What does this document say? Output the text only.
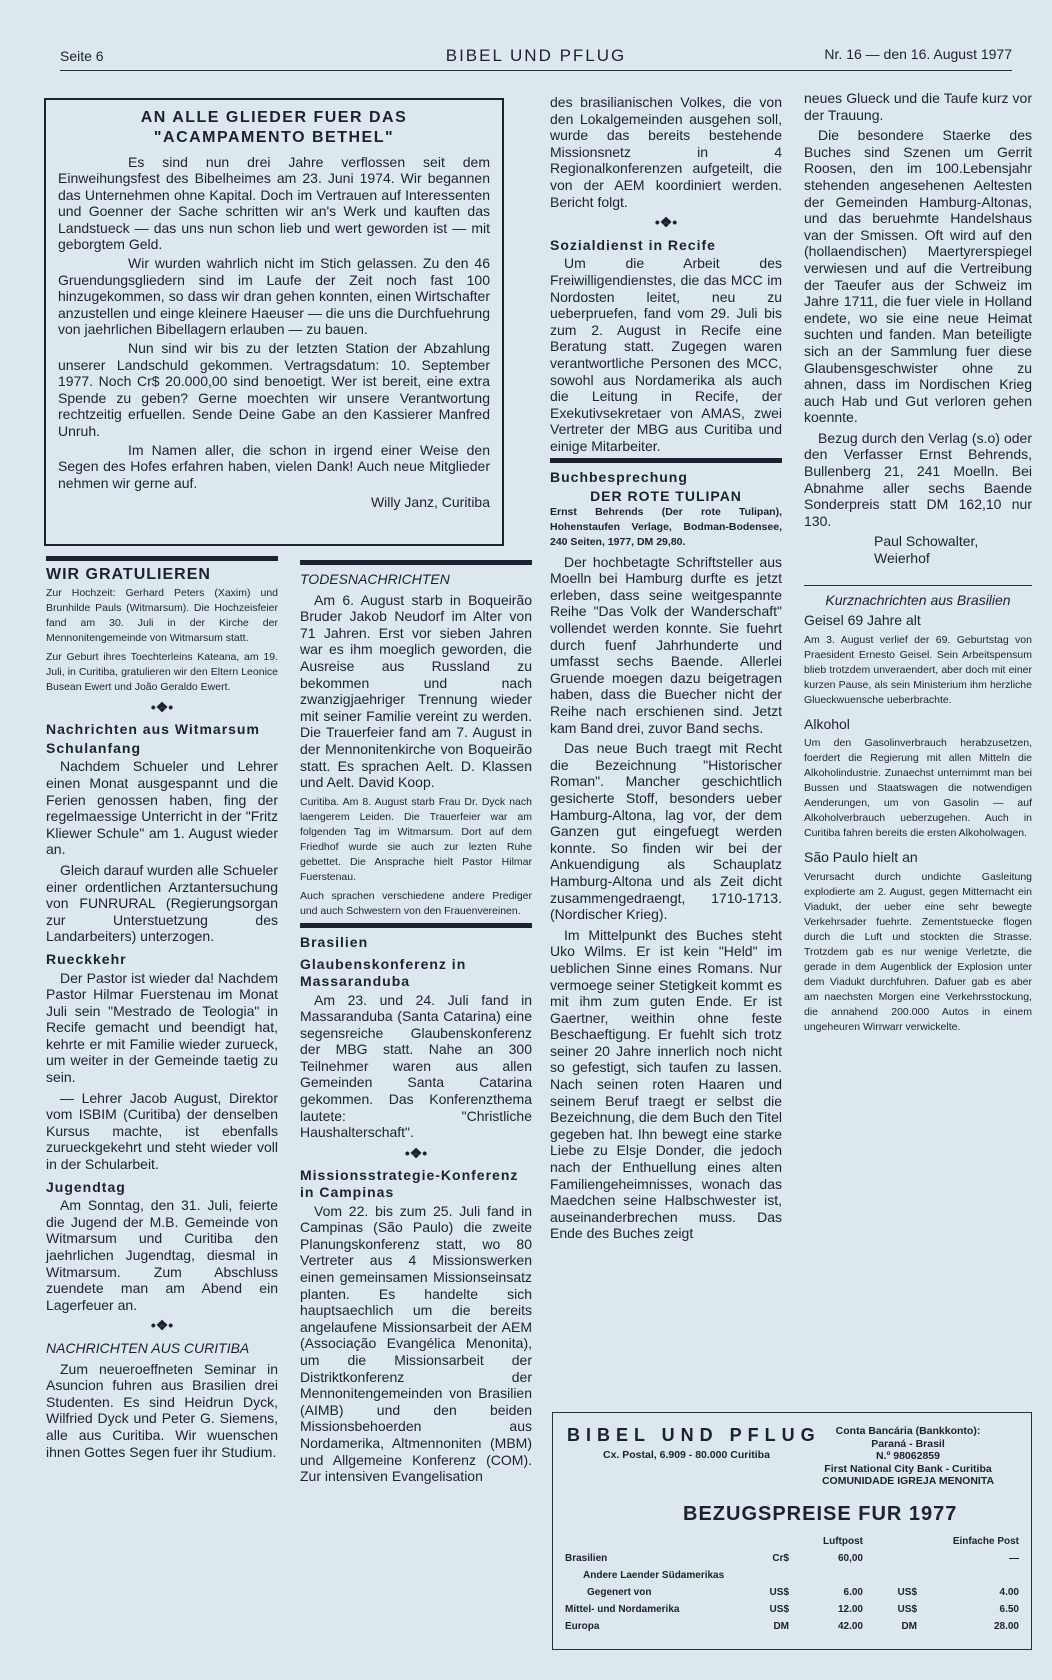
Seite 6	BIBEL UND PFLUG	Nr. 16 — den 16. August 1977
AN ALLE GLIEDER FUER DAS
"ACAMPAMENTO BETHEL"

Es sind nun drei Jahre verflossen seit dem Einweihungsfest des Bibelheimes am 23. Juni 1974. Wir begannen das Unternehmen ohne Kapital. Doch im Vertrauen auf Interessenten und Goenner der Sache schritten wir an's Werk und kauften das Landstueck — das uns nun schon lieb und wert geworden ist — mit geborgtem Geld.

Wir wurden wahrlich nicht im Stich gelassen. Zu den 46 Gruendungsgliedern sind im Laufe der Zeit noch fast 100 hinzugekommen, so dass wir dran gehen konnten, einen Wirtschafter anzustellen und einge kleinere Haeuser — die uns die Durchfuehrung von jaehrlichen Bibellagern erlauben — zu bauen.

Nun sind wir bis zu der letzten Station der Abzahlung unserer Landschuld gekommen. Vertragsdatum: 10. September 1977. Noch Cr$ 20.000,00 sind benoetigt. Wer ist bereit, eine extra Spende zu geben? Gerne moechten wir unsere Verantwortung rechtzeitig erfuellen. Sende Deine Gabe an den Kassierer Manfred Unruh.

Im Namen aller, die schon in irgend einer Weise den Segen des Hofes erfahren haben, vielen Dank! Auch neue Mitglieder nehmen wir gerne auf.

Willy Janz, Curitiba
WIR GRATULIEREN

Zur Hochzeit: Gerhard Peters (Xaxim) und Brunhilde Pauls (Witmarsum). Die Hochzeisfeier fand am 30. Juli in der Kirche der Mennonitengemeinde von Witmarsum statt.

Zur Geburt ihres Toechterleins Kateana, am 19. Juli, in Curitiba, gratulieren wir den Eltern Leonice Busean Ewert und João Geraldo Ewert.

•❖•
Nachrichten aus Witmarsum
Schulanfang

Nachdem Schueler und Lehrer einen Monat ausgespannt und die Ferien genossen haben, fing der regelmaessige Unterricht in der "Fritz Kliewer Schule" am 1. August wieder an.

Gleich darauf wurden alle Schueler einer ordentlichen Arztantersuchung von FUNRURAL (Regierungsorgan zur Unterstuetzung des Landarbeiters) unterzogen.

Rueckkehr

Der Pastor ist wieder da! Nachdem Pastor Hilmar Fuerstenau im Monat Juli sein "Mestrado de Teologia" in Recife gemacht und beendigt hat, kehrte er mit Familie wieder zurueck, um weiter in der Gemeinde taetig zu sein.

— Lehrer Jacob August, Direktor vom ISBIM (Curitiba) der denselben Kursus machte, ist ebenfalls zurueckgekehrt und steht wieder voll in der Schularbeit.

Jugendtag

Am Sonntag, den 31. Juli, feierte die Jugend der M.B. Gemeinde von Witmarsum und Curitiba den jaehrlichen Jugendtag, diesmal in Witmarsum. Zum Abschluss zuendete man am Abend ein Lagerfeuer an.

•❖•
NACHRICHTEN AUS CURITIBA

Zum neueroeffneten Seminar in Asuncion fuhren aus Brasilien drei Studenten. Es sind Heidrun Dyck, Wilfried Dyck und Peter G. Siemens, alle aus Curitiba. Wir wuenschen ihnen Gottes Segen fuer ihr Studium.

TODESNACHRICHTEN

Am 6. August starb in Boqueirão Bruder Jakob Neudorf im Alter von 71 Jahren. Erst vor sieben Jahren war es ihm moeglich geworden, die Ausreise aus Russland zu bekommen und nach zwanzigjaehriger Trennung wieder mit seiner Familie vereint zu werden. Die Trauerfeier fand am 7. August in der Mennonitenkirche von Boqueirão statt. Es sprachen Aelt. D. Klassen und Aelt. David Koop.

Curitiba. Am 8. August starb Frau Dr. Dyck nach laengerem Leiden. Die Trauerfeier war am folgenden Tag im Witmarsum. Dort auf dem Friedhof wurde sie auch zur lezten Ruhe gebettet. Die Ansprache hielt Pastor Hilmar Fuerstenau.

Auch sprachen verschiedene andere Prediger und auch Schwestern von den Frauenvereinen.

Brasilien
Glaubenskonferenz in Massaranduba

Am 23. und 24. Juli fand in Massaranduba (Santa Catarina) eine segensreiche Glaubenskonferenz der MBG statt. Nahe an 300 Teilnehmer waren aus allen Gemeinden Santa Catarina gekommen. Das Konferenzthema lautete: "Christliche Haushalterschaft".

•❖•
Missionsstrategie-Konferenz in Campinas

Vom 22. bis zum 25. Juli fand in Campinas (São Paulo) die zweite Planungskonferenz statt, wo 80 Vertreter aus 4 Missionswerken einen gemeinsamen Missionseinsatz planten. Es handelte sich hauptsaechlich um die bereits angelaufene Missionsarbeit der AEM (Associação Evangélica Menonita), um die Missionsarbeit der Distriktkonferenz der Mennonitengemeinden von Brasilien (AIMB) und den beiden Missionsbehoerden aus Nordamerika, Altmennoniten (MBM) und Allgemeine Konferenz (COM). Zur intensiven Evangelisation

des brasilianischen Volkes, die von den Lokalgemeinden ausgehen soll, wurde das bereits bestehende Missionsnetz in 4 Regionalkonferenzen aufgeteilt, die von der AEM koordiniert werden. Bericht folgt.

•❖•
Sozialdienst in Recife

Um die Arbeit des Freiwilligendienstes, die das MCC im Nordosten leitet, neu zu ueberpruefen, fand vom 29. Juli bis zum 2. August in Recife eine Beratung statt. Zugegen waren verantwortliche Personen des MCC, sowohl aus Nordamerika als auch die Leitung in Recife, der Exekutivsekretaer von AMAS, zwei Vertreter der MBG aus Curitiba und einige Mitarbeiter.

Buchbesprechung
DER ROTE TULIPAN

Ernst Behrends (Der rote Tulipan), Hohenstaufen Verlage, Bodman-Bodensee, 240 Seiten, 1977, DM 29,80.

Der hochbetagte Schriftsteller aus Moelln bei Hamburg durfte es jetzt erleben, dass seine weitgespannte Reihe "Das Volk der Wanderschaft" vollendet werden konnte. Sie fuehrt durch fuenf Jahrhunderte und umfasst sechs Baende. Allerlei Gruende moegen dazu beigetragen haben, dass die Buecher nicht der Reihe nach erschienen sind. Jetzt kam Band drei, zuvor Band sechs.

Das neue Buch traegt mit Recht die Bezeichnung "Historischer Roman". Mancher geschichtlich gesicherte Stoff, besonders ueber Hamburg-Altona, lag vor, der dem Ganzen gut eingefuegt werden konnte. So finden wir bei der Ankuendigung als Schauplatz Hamburg-Altona und als Zeit dicht zusammengedraengt, 1710-1713. (Nordischer Krieg).

Im Mittelpunkt des Buches steht Uko Wilms. Er ist kein "Held" im ueblichen Sinne eines Romans. Nur vermoege seiner Stetigkeit kommt es mit ihm zum guten Ende. Er ist Gaertner, weithin ohne feste Beschaeftigung. Er fuehlt sich trotz seiner 20 Jahre innerlich noch nicht so gefestigt, sich taufen zu lassen. Nach seinen roten Haaren und seinem Beruf traegt er selbst die Bezeichnung, die dem Buch den Titel gegeben hat. Ihn bewegt eine starke Liebe zu Elsje Donder, die jedoch nach der Enthuellung eines alten Familiengeheimnisses, wonach das Maedchen seine Halbschwester ist, auseinanderbrechen muss. Das Ende des Buches zeigt

neues Glueck und die Taufe kurz vor der Trauung.

Die besondere Staerke des Buches sind Szenen um Gerrit Roosen, den im 100.Lebensjahr stehenden angesehenen Aeltesten der Gemeinden Hamburg-Altonas, und das beruehmte Handelshaus van der Smissen. Oft wird auf den (hollaendischen) Maertyrerspiegel verwiesen und auf die Vertreibung der Taeufer aus der Schweiz im Jahre 1711, die fuer viele in Holland endete, wo sie eine neue Heimat suchten und fanden. Man beteiligte sich an der Sammlung fuer diese Glaubensgeschwister ohne zu ahnen, dass im Nordischen Krieg auch Hab und Gut verloren gehen koennte.

Bezug durch den Verlag (s.o) oder den Verfasser Ernst Behrends, Bullenberg 21, 241 Moelln. Bei Abnahme aller sechs Baende Sonderpreis statt DM 162,10 nur 130.

Paul Schowalter,
Weierhof
Kurznachrichten aus Brasilien
Geisel 69 Jahre alt

Am 3. August verlief der 69. Geburtstag von Praesident Ernesto Geisel. Sein Arbeitspensum blieb trotzdem unveraendert, aber doch mit einer kurzen Pause, als sein Ministerium ihm herzliche Glueckwuensche ueberbrachte.

Alkohol

Um den Gasolinverbrauch herabzusetzen, foerdert die Regierung mit allen Mitteln die Alkoholindustrie. Zunaechst unternimmt man bei Bussen und Staatswagen die notwendigen Aenderungen, um von Gasolin — auf Alkoholverbrauch ueberzugehen. Auch in Curitiba fahren bereits die ersten Alkoholwagen.

São Paulo hielt an

Verursacht durch undichte Gasleitung explodierte am 2. August, gegen Mitternacht ein Viadukt, der ueber eine sehr bewegte Verkehrsader fuehrte. Zementstuecke flogen durch die Luft und stockten die Strasse. Trotzdem gab es nur wenige Verletzte, die gerade in dem Augenblick der Explosion unter dem Viadukt durchfuhren. Dafuer gab es aber am naechsten Morgen eine Verkehrsstockung, die annahend 200.000 Autos in einem ungeheuren Wirrwarr verwickelte.

BIBEL UND PFLUG
Cx. Postal, 6.909 - 80.000 Curitiba
Conta Bancária (Bankkonto):
Paraná - Brasil
N.º 98062859
First National City Bank - Curitiba
COMUNIDADE IGREJA MENONITA
BEZUGSPREISE FUR 1977
		Luftpost		Einfache Post
Brasilien	Cr$	60,00		—
Andere Laender Südamerikas				
Gegenert von	US$	6.00	US$	4.00
Mittel- und Nordamerika	US$	12.00	US$	6.50
Europa	DM	42.00	DM	28.00
